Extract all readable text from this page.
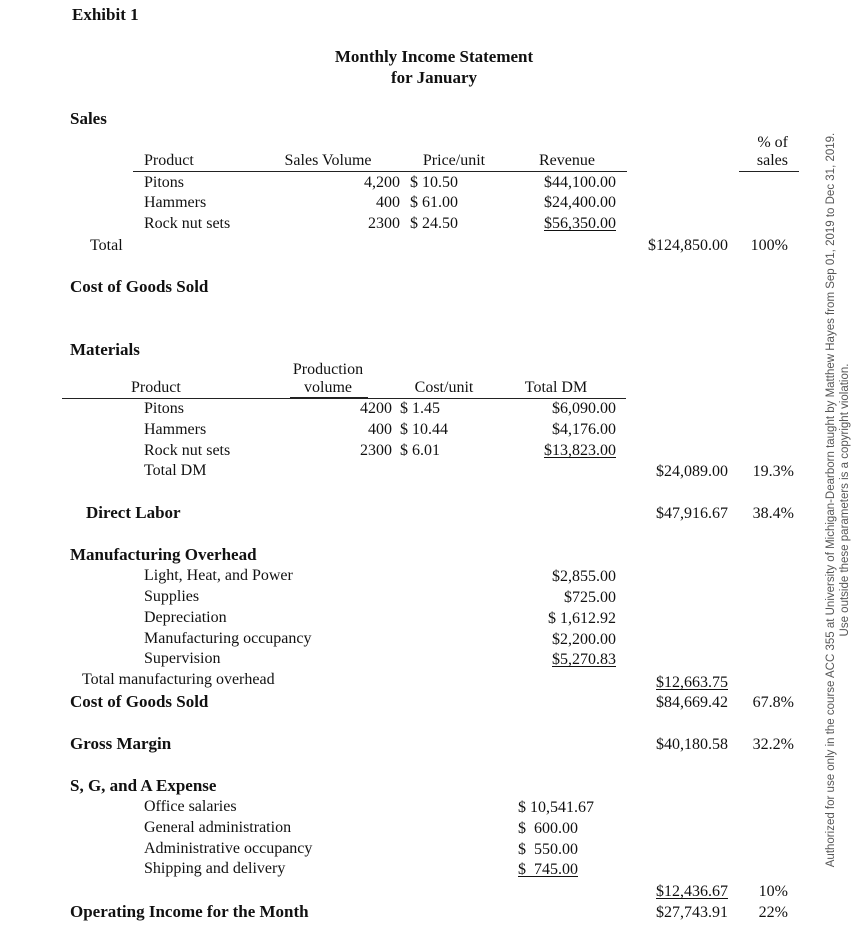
Exhibit 1
Monthly Income Statement
for January
Sales
% of
sales
Product	Sales Volume	Price/unit	Revenue
Pitons	4,200 $ 10.50	$44,100.00
Hammers	400 $ 61.00	$24,400.00
Rock nut sets	2300 $ 24.50	$56,350.00
Total	$124,850.00	100%
Cost of Goods Sold
Materials
Production
volume
Product	Cost/unit	Total DM
Pitons	4200 $ 1.45	$6,090.00
Hammers	400 $ 10.44	$4,176.00
Rock nut sets	2300 $ 6.01	$13,823.00
Total DM	$24,089.00	19.3%
Direct Labor	$47,916.67	38.4%
Manufacturing Overhead
Light, Heat, and Power	$2,855.00
Supplies	$725.00
Depreciation	$ 1,612.92
Manufacturing occupancy	$2,200.00
Supervision	$5,270.83
Total manufacturing overhead	$12,663.75
Cost of Goods Sold	$84,669.42	67.8%
Gross Margin	$40,180.58	32.2%
S, G, and A Expense
Office salaries	$ 10,541.67
General administration	$  600.00
Administrative occupancy	$  550.00
Shipping and delivery	$  745.00
$12,436.67	10%
Operating Income for the Month	$27,743.91	22%
Authorized for use only in the course ACC 355 at University of Michigan-Dearborn taught by Matthew Hayes from Sep 01, 2019 to Dec 31, 2019. Use outside these parameters is a copyright violation.
